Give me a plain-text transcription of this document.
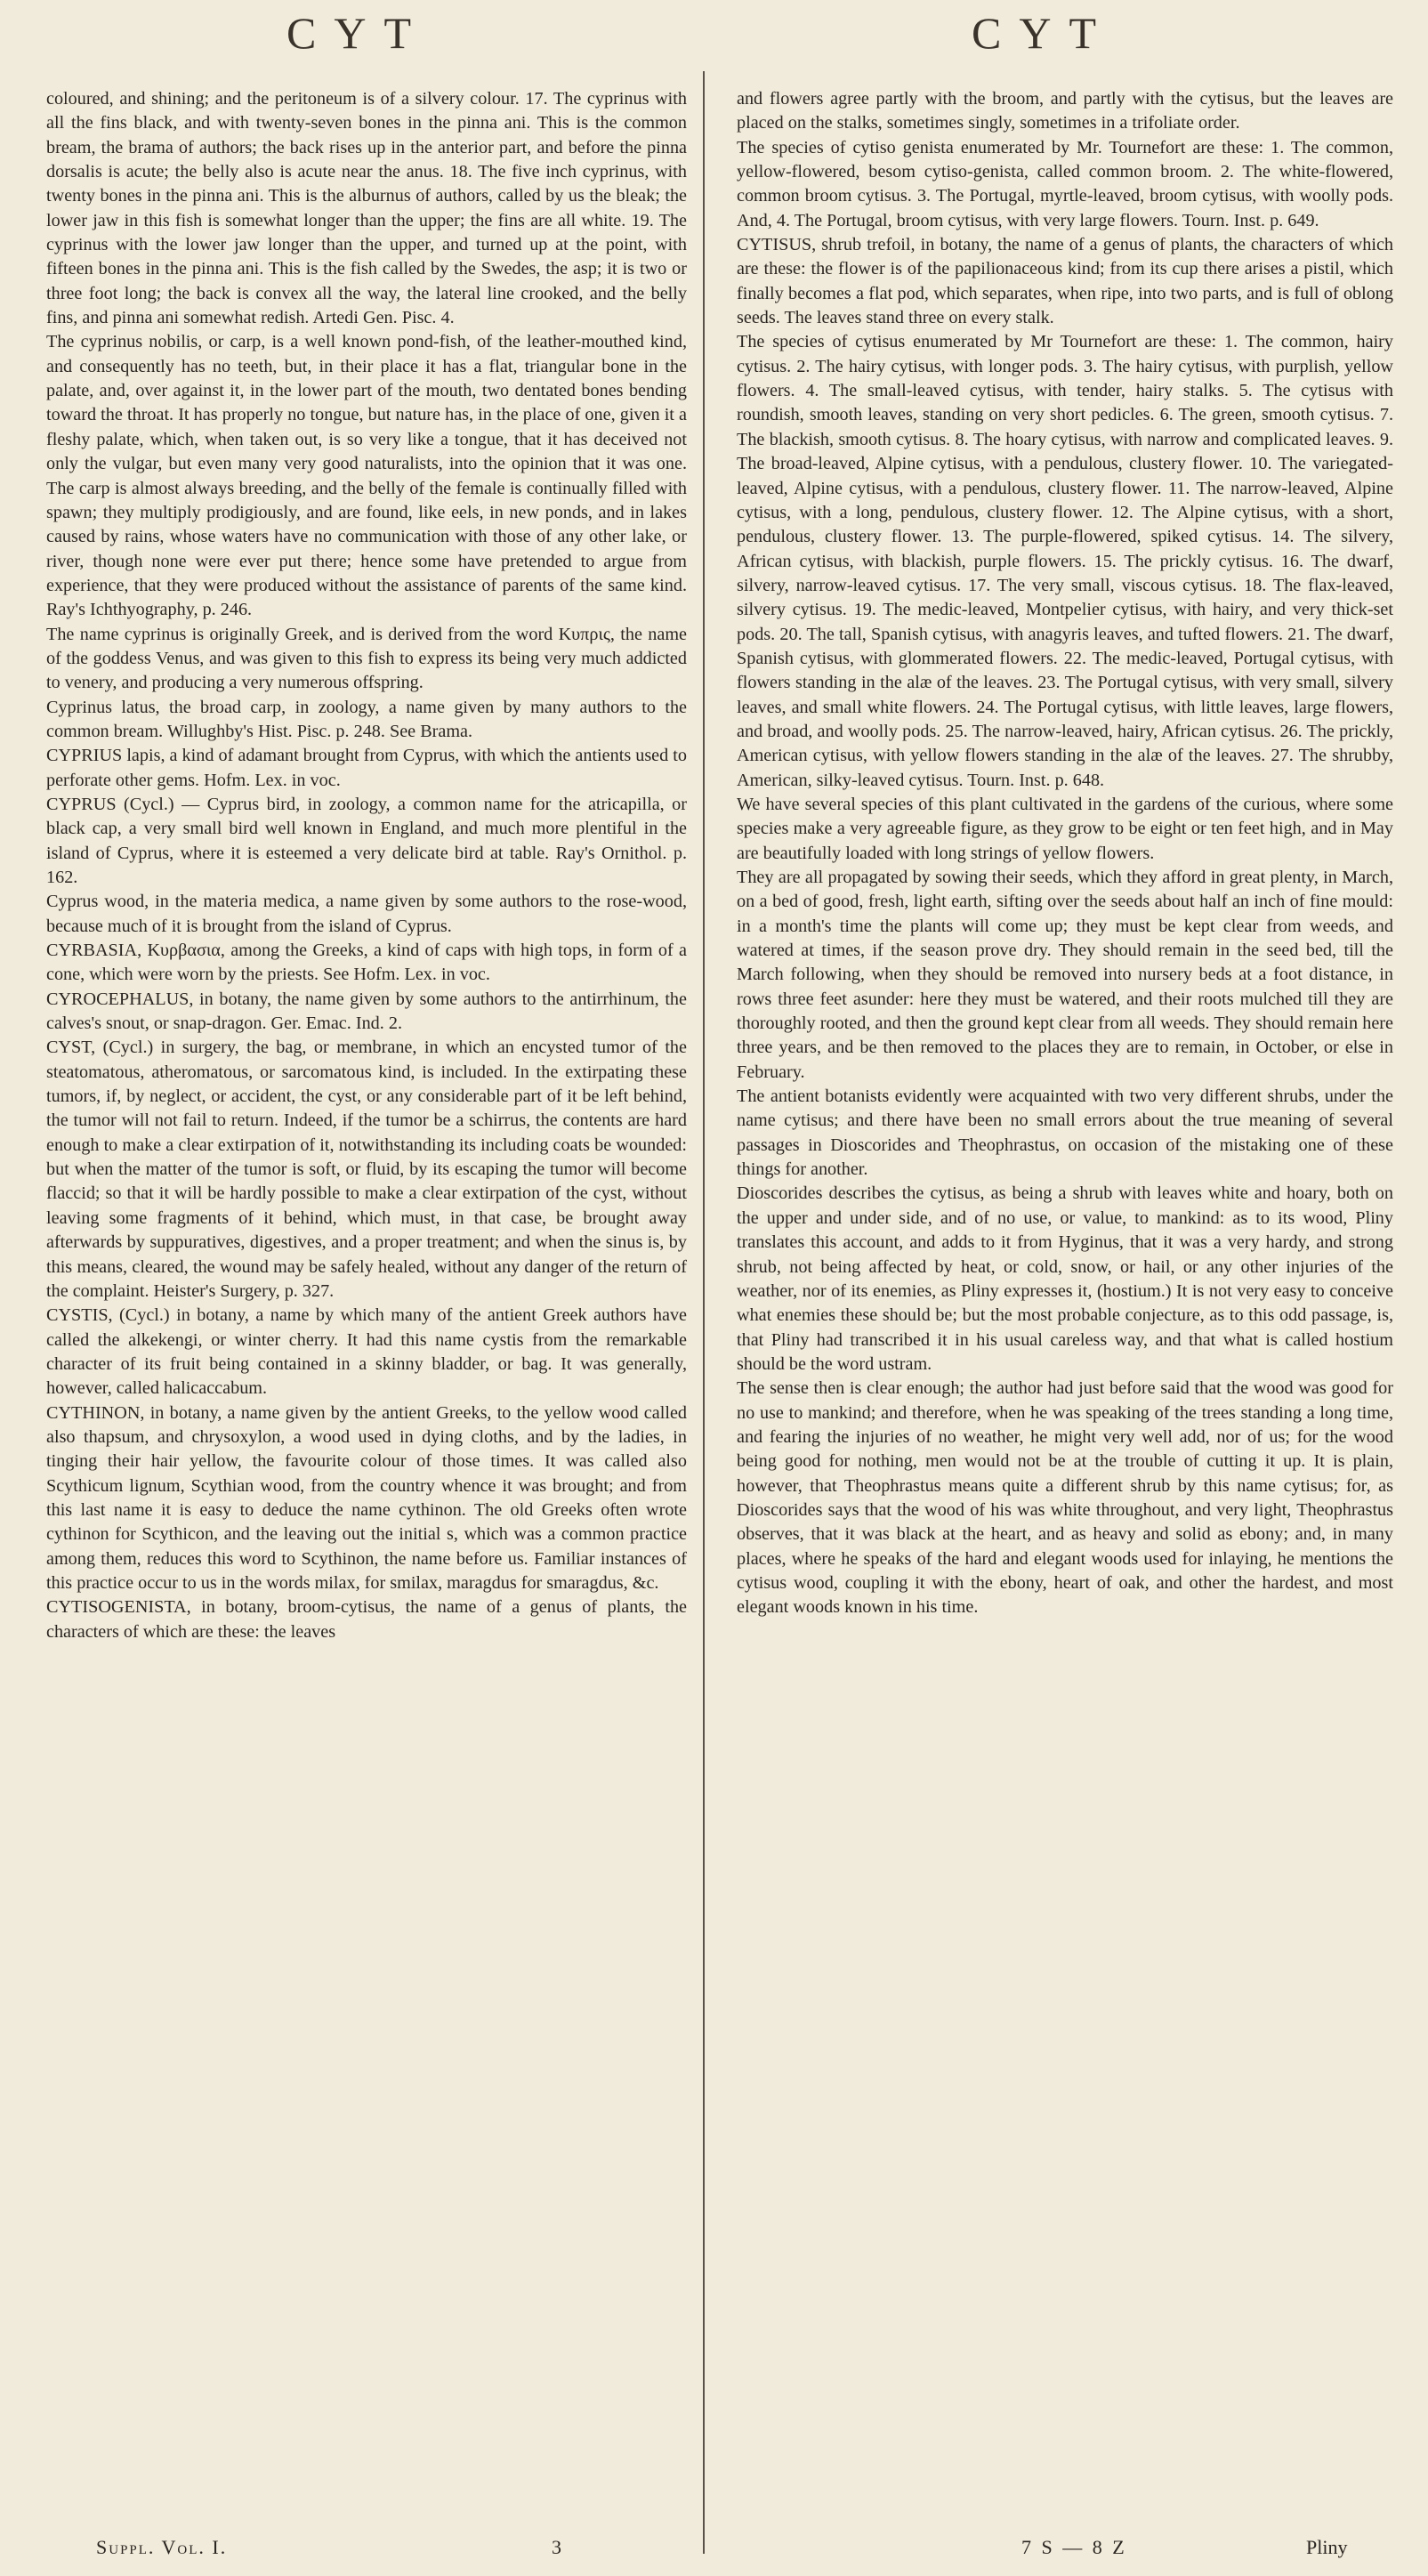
CYT	CYT

coloured, and shining; and the peritoneum is of a silvery colour. 17. The cyprinus with all the fins black, and with twenty-seven bones in the pinna ani. This is the common bream, the brama of authors; the back rises up in the anterior part, and before the pinna dorsalis is acute; the belly also is acute near the anus. 18. The five inch cyprinus, with twenty bones in the pinna ani. This is the alburnus of authors, called by us the bleak; the lower jaw in this fish is somewhat longer than the upper; the fins are all white. 19. The cyprinus with the lower jaw longer than the upper, and turned up at the point, with fifteen bones in the pinna ani. This is the fish called by the Swedes, the asp; it is two or three foot long; the back is convex all the way, the lateral line crooked, and the belly fins, and pinna ani somewhat redish. Artedi Gen. Pisc. 4.

The cyprinus nobilis, or carp, is a well known pond-fish, of the leather-mouthed kind, and consequently has no teeth, but, in their place it has a flat, triangular bone in the palate, and, over against it, in the lower part of the mouth, two dentated bones bending toward the throat. It has properly no tongue, but nature has, in the place of one, given it a fleshy palate, which, when taken out, is so very like a tongue, that it has deceived not only the vulgar, but even many very good naturalists, into the opinion that it was one. The carp is almost always breeding, and the belly of the female is continually filled with spawn; they multiply prodigiously, and are found, like eels, in new ponds, and in lakes caused by rains, whose waters have no communication with those of any other lake, or river, though none were ever put there; hence some have pretended to argue from experience, that they were produced without the assistance of parents of the same kind. Ray's Ichthyography, p. 246.

The name cyprinus is originally Greek, and is derived from the word Κυπρις, the name of the goddess Venus, and was given to this fish to express its being very much addicted to venery, and producing a very numerous offspring.

Cyprinus latus, the broad carp, in zoology, a name given by many authors to the common bream. Willughby's Hist. Pisc. p. 248. See Brama.

CYPRIUS lapis, a kind of adamant brought from Cyprus, with which the antients used to perforate other gems. Hofm. Lex. in voc.

CYPRUS (Cycl.) — Cyprus bird, in zoology, a common name for the atricapilla, or black cap, a very small bird well known in England, and much more plentiful in the island of Cyprus, where it is esteemed a very delicate bird at table. Ray's Ornithol. p. 162.

Cyprus wood, in the materia medica, a name given by some authors to the rose-wood, because much of it is brought from the island of Cyprus.

CYRBASIA, Κυρβασια, among the Greeks, a kind of caps with high tops, in form of a cone, which were worn by the priests. See Hofm. Lex. in voc.

CYROCEPHALUS, in botany, the name given by some authors to the antirrhinum, the calves's snout, or snap-dragon. Ger. Emac. Ind. 2.

CYST, (Cycl.) in surgery, the bag, or membrane, in which an encysted tumor of the steatomatous, atheromatous, or sarcomatous kind, is included. In the extirpating these tumors, if, by neglect, or accident, the cyst, or any considerable part of it be left behind, the tumor will not fail to return. Indeed, if the tumor be a schirrus, the contents are hard enough to make a clear extirpation of it, notwithstanding its including coats be wounded: but when the matter of the tumor is soft, or fluid, by its escaping the tumor will become flaccid; so that it will be hardly possible to make a clear extirpation of the cyst, without leaving some fragments of it behind, which must, in that case, be brought away afterwards by suppuratives, digestives, and a proper treatment; and when the sinus is, by this means, cleared, the wound may be safely healed, without any danger of the return of the complaint. Heister's Surgery, p. 327.

CYSTIS, (Cycl.) in botany, a name by which many of the antient Greek authors have called the alkekengi, or winter cherry. It had this name cystis from the remarkable character of its fruit being contained in a skinny bladder, or bag. It was generally, however, called halicaccabum.

CYTHINON, in botany, a name given by the antient Greeks, to the yellow wood called also thapsum, and chrysoxylon, a wood used in dying cloths, and by the ladies, in tinging their hair yellow, the favourite colour of those times. It was called also Scythicum lignum, Scythian wood, from the country whence it was brought; and from this last name it is easy to deduce the name cythinon. The old Greeks often wrote cythinon for Scythicon, and the leaving out the initial s, which was a common practice among them, reduces this word to Scythinon, the name before us. Familiar instances of this practice occur to us in the words milax, for smilax, maragdus for smaragdus, &c.

CYTISOGENISTA, in botany, broom-cytisus, the name of a genus of plants, the characters of which are these: the leaves

and flowers agree partly with the broom, and partly with the cytisus, but the leaves are placed on the stalks, sometimes singly, sometimes in a trifoliate order.

The species of cytiso genista enumerated by Mr. Tournefort are these: 1. The common, yellow-flowered, besom cytiso-genista, called common broom. 2. The white-flowered, common broom cytisus. 3. The Portugal, myrtle-leaved, broom cytisus, with woolly pods. And, 4. The Portugal, broom cytisus, with very large flowers. Tourn. Inst. p. 649.

CYTISUS, shrub trefoil, in botany, the name of a genus of plants, the characters of which are these: the flower is of the papilionaceous kind; from its cup there arises a pistil, which finally becomes a flat pod, which separates, when ripe, into two parts, and is full of oblong seeds. The leaves stand three on every stalk.

The species of cytisus enumerated by Mr Tournefort are these: 1. The common, hairy cytisus. 2. The hairy cytisus, with longer pods. 3. The hairy cytisus, with purplish, yellow flowers. 4. The small-leaved cytisus, with tender, hairy stalks. 5. The cytisus with roundish, smooth leaves, standing on very short pedicles. 6. The green, smooth cytisus. 7. The blackish, smooth cytisus. 8. The hoary cytisus, with narrow and complicated leaves. 9. The broad-leaved, Alpine cytisus, with a pendulous, clustery flower. 10. The variegated-leaved, Alpine cytisus, with a pendulous, clustery flower. 11. The narrow-leaved, Alpine cytisus, with a long, pendulous, clustery flower. 12. The Alpine cytisus, with a short, pendulous, clustery flower. 13. The purple-flowered, spiked cytisus. 14. The silvery, African cytisus, with blackish, purple flowers. 15. The prickly cytisus. 16. The dwarf, silvery, narrow-leaved cytisus. 17. The very small, viscous cytisus. 18. The flax-leaved, silvery cytisus. 19. The medic-leaved, Montpelier cytisus, with hairy, and very thick-set pods. 20. The tall, Spanish cytisus, with anagyris leaves, and tufted flowers. 21. The dwarf, Spanish cytisus, with glommerated flowers. 22. The medic-leaved, Portugal cytisus, with flowers standing in the alæ of the leaves. 23. The Portugal cytisus, with very small, silvery leaves, and small white flowers. 24. The Portugal cytisus, with little leaves, large flowers, and broad, and woolly pods. 25. The narrow-leaved, hairy, African cytisus. 26. The prickly, American cytisus, with yellow flowers standing in the alæ of the leaves. 27. The shrubby, American, silky-leaved cytisus. Tourn. Inst. p. 648.

We have several species of this plant cultivated in the gardens of the curious, where some species make a very agreeable figure, as they grow to be eight or ten feet high, and in May are beautifully loaded with long strings of yellow flowers.

They are all propagated by sowing their seeds, which they afford in great plenty, in March, on a bed of good, fresh, light earth, sifting over the seeds about half an inch of fine mould: in a month's time the plants will come up; they must be kept clear from weeds, and watered at times, if the season prove dry. They should remain in the seed bed, till the March following, when they should be removed into nursery beds at a foot distance, in rows three feet asunder: here they must be watered, and their roots mulched till they are thoroughly rooted, and then the ground kept clear from all weeds. They should remain here three years, and be then removed to the places they are to remain, in October, or else in February.

The antient botanists evidently were acquainted with two very different shrubs, under the name cytisus; and there have been no small errors about the true meaning of several passages in Dioscorides and Theophrastus, on occasion of the mistaking one of these things for another.

Dioscorides describes the cytisus, as being a shrub with leaves white and hoary, both on the upper and under side, and of no use, or value, to mankind: as to its wood, Pliny translates this account, and adds to it from Hyginus, that it was a very hardy, and strong shrub, not being affected by heat, or cold, snow, or hail, or any other injuries of the weather, nor of its enemies, as Pliny expresses it, (hostium.) It is not very easy to conceive what enemies these should be; but the most probable conjecture, as to this odd passage, is, that Pliny had transcribed it in his usual careless way, and that what is called hostium should be the word ustram.

The sense then is clear enough; the author had just before said that the wood was good for no use to mankind; and therefore, when he was speaking of the trees standing a long time, and fearing the injuries of no weather, he might very well add, nor of us; for the wood being good for nothing, men would not be at the trouble of cutting it up. It is plain, however, that Theophrastus means quite a different shrub by this name cytisus; for, as Dioscorides says that the wood of his was white throughout, and very light, Theophrastus observes, that it was black at the heart, and as heavy and solid as ebony; and, in many places, where he speaks of the hard and elegant woods used for inlaying, he mentions the cytisus wood, coupling it with the ebony, heart of oak, and other the hardest, and most elegant woods known in his time.

Suppl. Vol. I.	3	7 S — 8 Z	Pliny
